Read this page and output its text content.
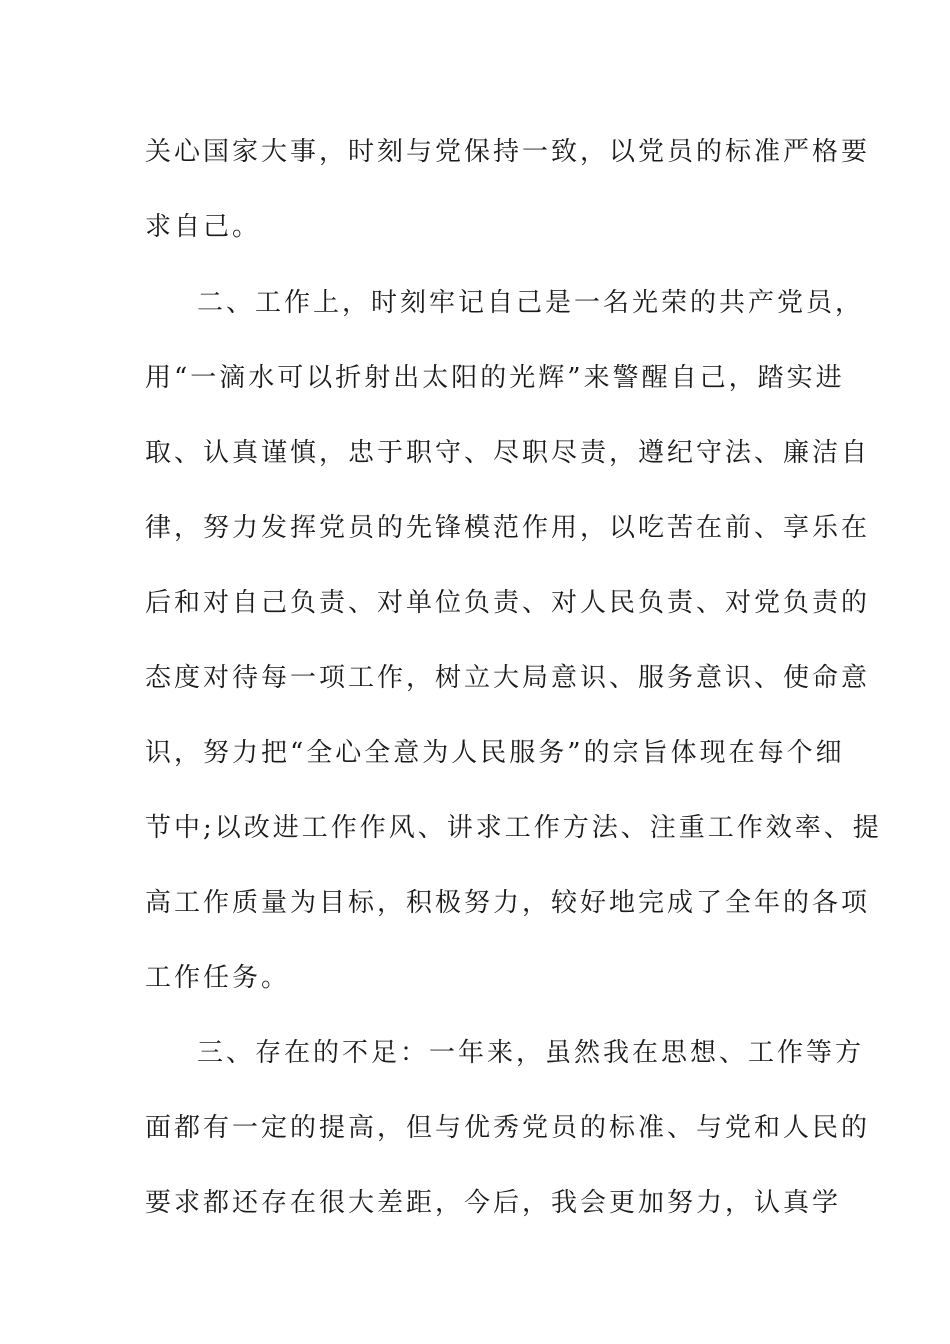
关心国家大事，时刻与党保持一致，以党员的标准严格要
求自己。
二、工作上，时刻牢记自己是一名光荣的共产党员，
用“一滴水可以折射出太阳的光辉”来警醒自己，踏实进
取、认真谨慎，忠于职守、尽职尽责，遵纪守法、廉洁自
律，努力发挥党员的先锋模范作用，以吃苦在前、享乐在
后和对自己负责、对单位负责、对人民负责、对党负责的
态度对待每一项工作，树立大局意识、服务意识、使命意
识，努力把“全心全意为人民服务”的宗旨体现在每个细
节中;以改进工作作风、讲求工作方法、注重工作效率、提
高工作质量为目标，积极努力，较好地完成了全年的各项
工作任务。
三、存在的不足：一年来，虽然我在思想、工作等方
面都有一定的提高，但与优秀党员的标准、与党和人民的
要求都还存在很大差距，今后，我会更加努力，认真学
